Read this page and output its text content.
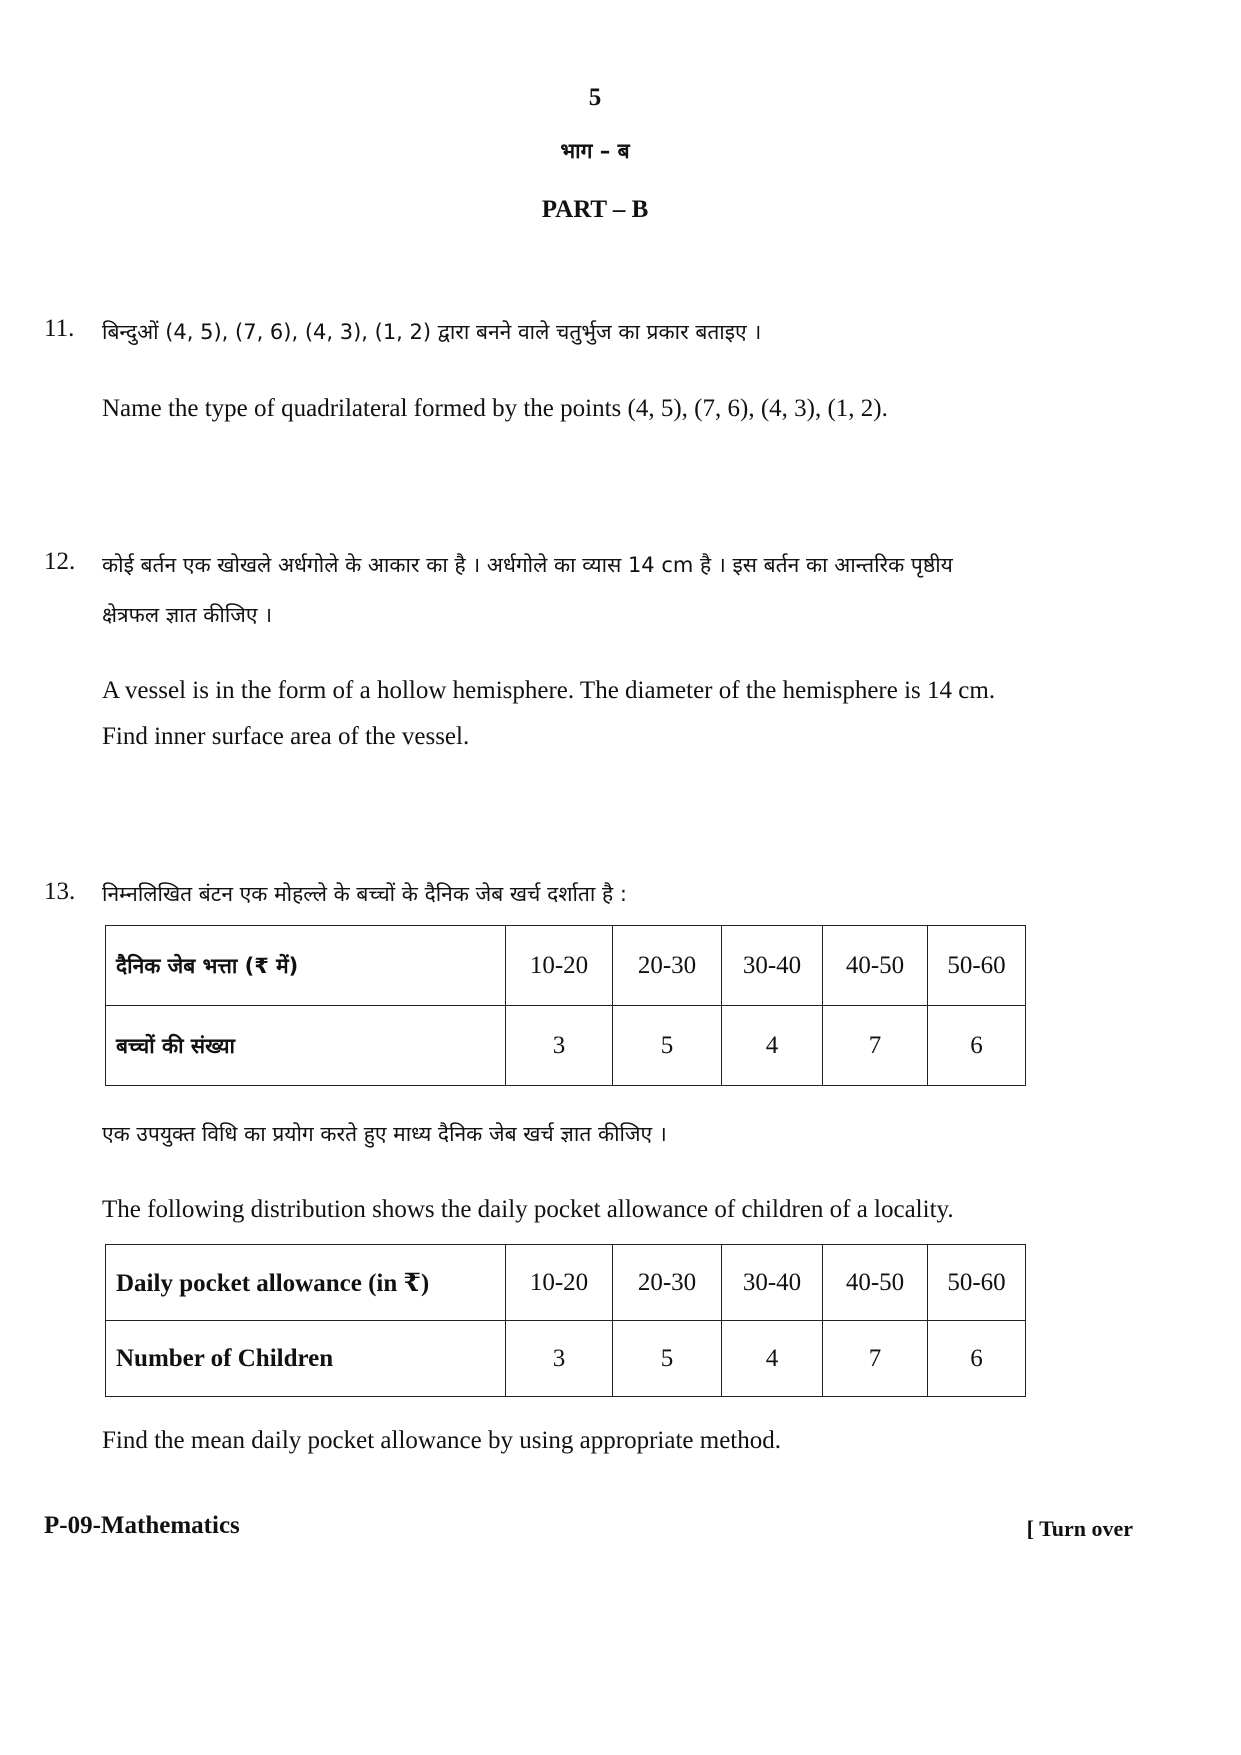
5
भाग – ब
PART – B
11. बिन्दुओं (4, 5), (7, 6), (4, 3), (1, 2) द्वारा बनने वाले चतुर्भुज का प्रकार बताइए ।
Name the type of quadrilateral formed by the points (4, 5), (7, 6), (4, 3), (1, 2).
12. कोई बर्तन एक खोखले अर्धगोले के आकार का है । अर्धगोले का व्यास 14 cm है । इस बर्तन का आन्तरिक पृष्ठीय
क्षेत्रफल ज्ञात कीजिए ।
A vessel is in the form of a hollow hemisphere. The diameter of the hemisphere is 14 cm.
Find inner surface area of the vessel.
13. निम्नलिखित बंटन एक मोहल्ले के बच्चों के दैनिक जेब खर्च दर्शाता है :
दैनिक जेब भत्ता (₹ में)	10-20	20-30	30-40	40-50	50-60
बच्चों की संख्या	3	5	4	7	6
एक उपयुक्त विधि का प्रयोग करते हुए माध्य दैनिक जेब खर्च ज्ञात कीजिए ।
The following distribution shows the daily pocket allowance of children of a locality.
Daily pocket allowance (in ₹)	10-20	20-30	30-40	40-50	50-60
Number of Children	3	5	4	7	6
Find the mean daily pocket allowance by using appropriate method.
P-09-Mathematics	[ Turn over
